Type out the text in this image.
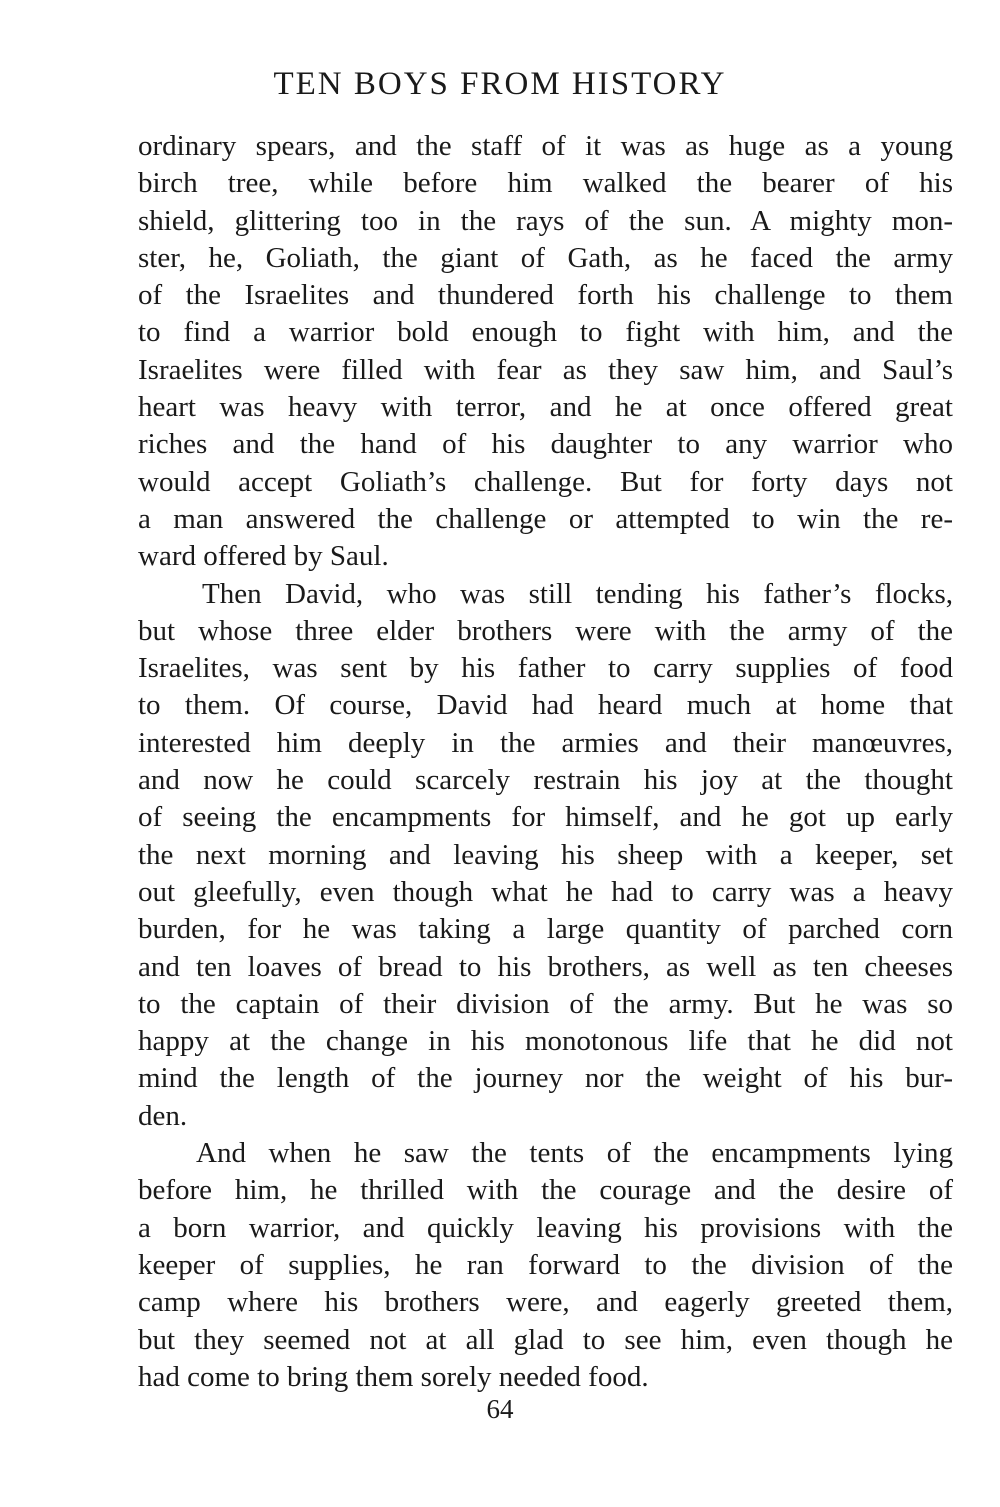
TEN BOYS FROM HISTORY
ordinary spears, and the staff of it was as huge as a young
birch tree, while before him walked the bearer of his
shield, glittering too in the rays of the sun. A mighty mon-
ster, he, Goliath, the giant of Gath, as he faced the army
of the Israelites and thundered forth his challenge to them
to find a warrior bold enough to fight with him, and the
Israelites were filled with fear as they saw him, and Saul’s
heart was heavy with terror, and he at once offered great
riches and the hand of his daughter to any warrior who
would accept Goliath’s challenge. But for forty days not
a man answered the challenge or attempted to win the re-
ward offered by Saul.
Then David, who was still tending his father’s flocks,
but whose three elder brothers were with the army of the
Israelites, was sent by his father to carry supplies of food
to them. Of course, David had heard much at home that
interested him deeply in the armies and their manœuvres,
and now he could scarcely restrain his joy at the thought
of seeing the encampments for himself, and he got up early
the next morning and leaving his sheep with a keeper, set
out gleefully, even though what he had to carry was a heavy
burden, for he was taking a large quantity of parched corn
and ten loaves of bread to his brothers, as well as ten cheeses
to the captain of their division of the army. But he was so
happy at the change in his monotonous life that he did not
mind the length of the journey nor the weight of his bur-
den.
And when he saw the tents of the encampments lying
before him, he thrilled with the courage and the desire of
a born warrior, and quickly leaving his provisions with the
keeper of supplies, he ran forward to the division of the
camp where his brothers were, and eagerly greeted them,
but they seemed not at all glad to see him, even though he
had come to bring them sorely needed food.
64
